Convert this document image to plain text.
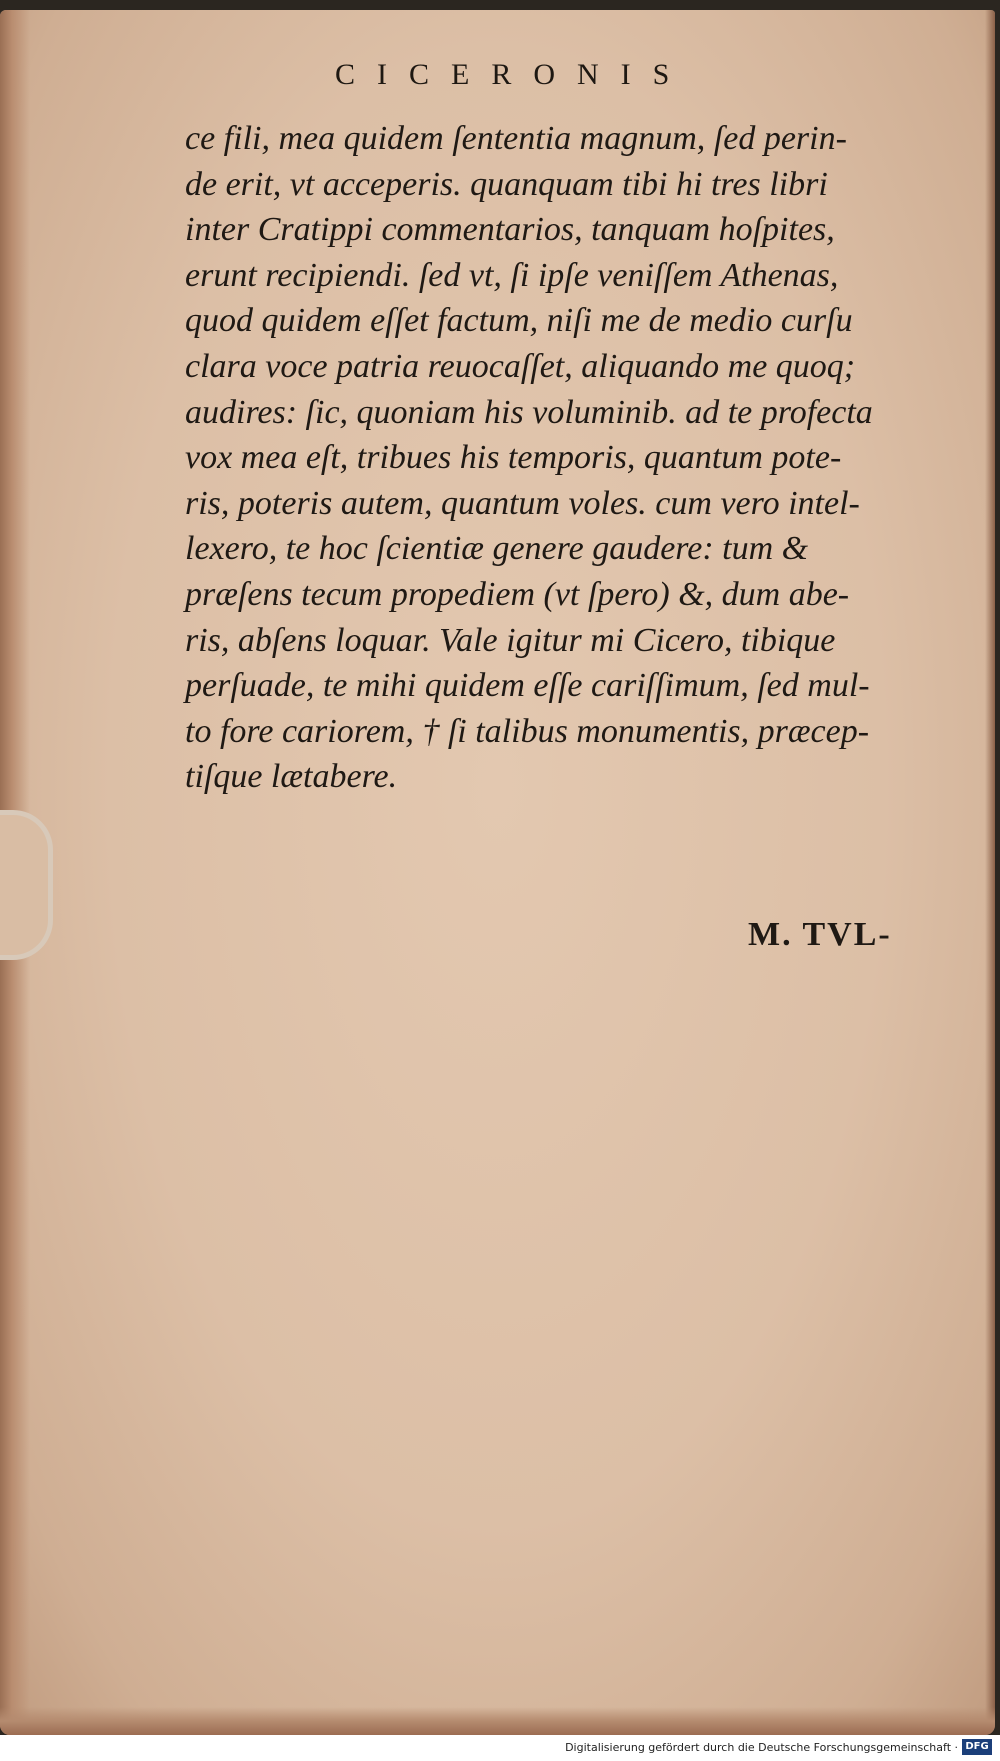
CICERONIS
ce fili, mea quidem ſententia magnum, ſed perin-
de erit, vt acceperis. quanquam tibi hi tres libri
inter Cratippi commentarios, tanquam hoſpites,
erunt recipiendi. ſed vt, ſi ipſe veniſſem Athenas,
quod quidem eſſet factum, niſi me de medio curſu
clara voce patria reuocaſſet, aliquando me quoq;
audires: ſic, quoniam his voluminib. ad te profecta
vox mea eſt, tribues his temporis, quantum pote-
ris, poteris autem, quantum voles. cum vero intel-
lexero, te hoc ſcientiæ genere gaudere: tum &
præſens tecum propediem (vt ſpero) &, dum abe-
ris, abſens loquar. Vale igitur mi Cicero, tibique
perſuade, te mihi quidem eſſe cariſſimum, ſed mul-
to fore cariorem, † ſi talibus monumentis, præcep-
tiſque lætabere.
M. TVL-
Digitalisierung gefördert durch die Deutsche Forschungsgemeinschaft · DFG
